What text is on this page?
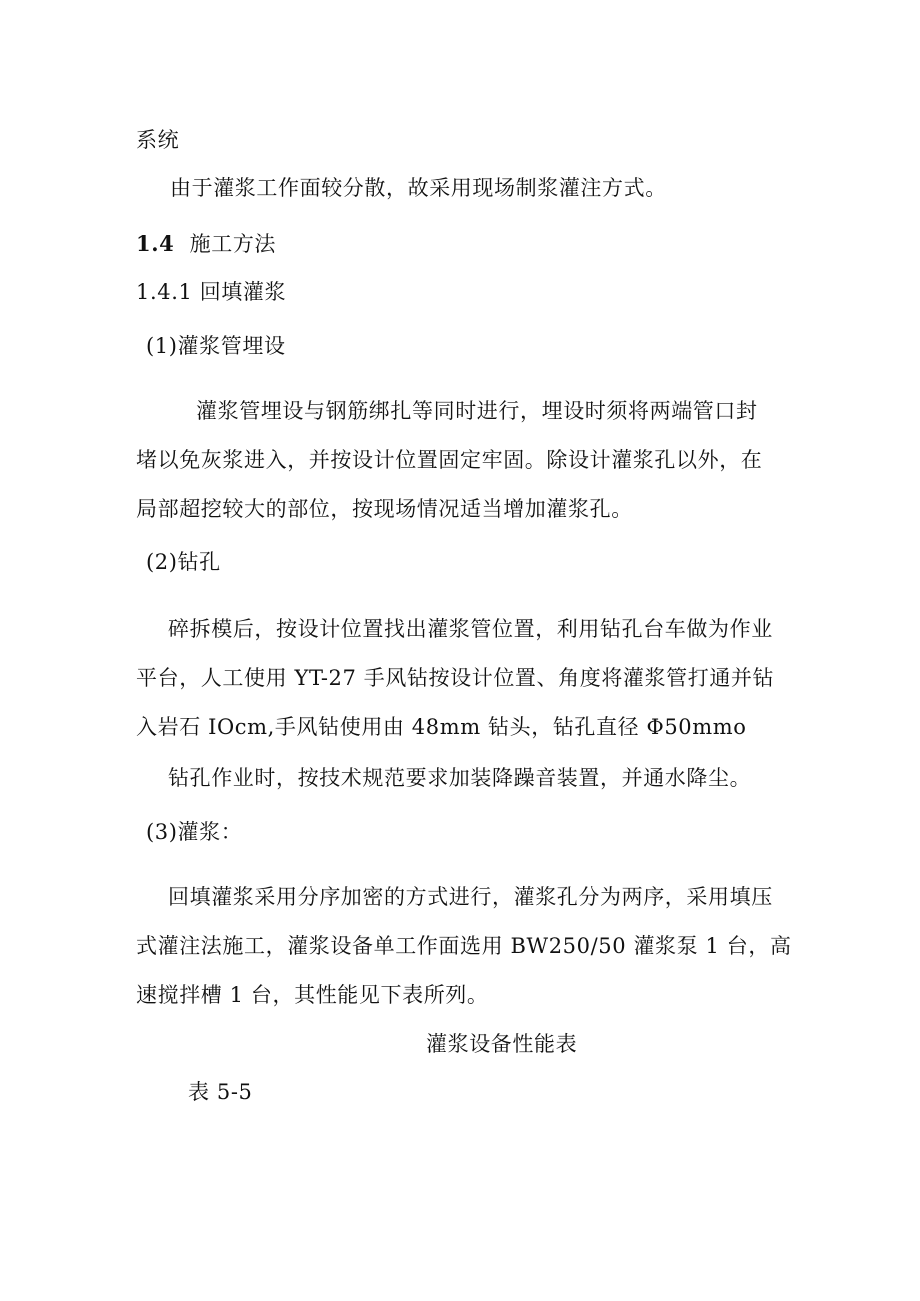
系统
由于灌浆工作面较分散，故采用现场制浆灌注方式。
1.4 施工方法
1.4.1 回填灌浆
(1)灌浆管埋设
灌浆管埋设与钢筋绑扎等同时进行，埋设时须将两端管口封
堵以免灰浆进入，并按设计位置固定牢固。除设计灌浆孔以外，在
局部超挖较大的部位，按现场情况适当增加灌浆孔。
(2)钻孔
碎拆模后，按设计位置找出灌浆管位置，利用钻孔台车做为作业
平台，人工使用 YT-27 手风钻按设计位置、角度将灌浆管打通并钻
入岩石 IOcm,手风钻使用由 48mm 钻头，钻孔直径 Φ50mmo
钻孔作业时，按技术规范要求加装降躁音装置，并通水降尘。
(3)灌浆：
回填灌浆采用分序加密的方式进行，灌浆孔分为两序，采用填压
式灌注法施工，灌浆设备单工作面选用 BW250/50 灌浆泵 1 台，高
速搅拌槽 1 台，其性能见下表所列。
灌浆设备性能表
表 5-5
